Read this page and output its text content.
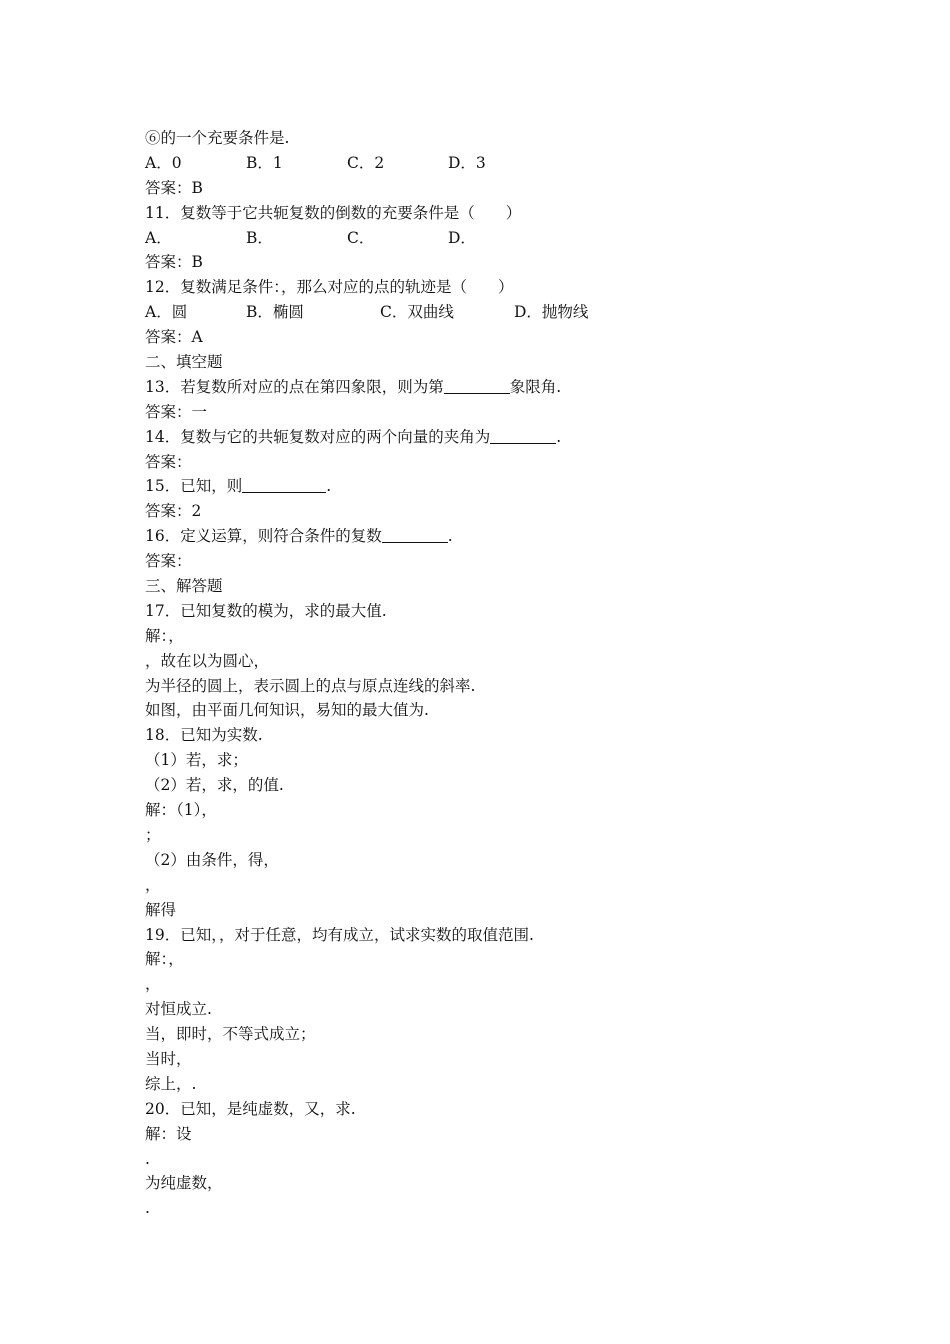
⑥的一个充要条件是.
A．0	B．1	C．2	D．3
答案：B
11．复数等于它共轭复数的倒数的充要条件是（　　）
A．	B．	C．	D．
答案：B
12．复数满足条件：，那么对应的点的轨迹是（　　）
A．圆	B．椭圆	C．双曲线	D．抛物线
答案：A
二、填空题
13．若复数所对应的点在第四象限，则为第	象限角.
答案：一
14．复数与它的共轭复数对应的两个向量的夹角为	.
答案：
15．已知，则	.
答案：2
16．定义运算，则符合条件的复数	.
答案：
三、解答题
17．已知复数的模为，求的最大值.
解：，
，故在以为圆心，
为半径的圆上，表示圆上的点与原点连线的斜率.
如图，由平面几何知识，易知的最大值为.
18．已知为实数.
（1）若，求；
（2）若，求，的值.
解：（1），
；
（2）由条件，得，
，
解得
19．已知，，对于任意，均有成立，试求实数的取值范围.
解：，
，
对恒成立.
当，即时，不等式成立；
当时，
综上，.
20．已知，是纯虚数，又，求.
解：设
.
为纯虚数，
.
